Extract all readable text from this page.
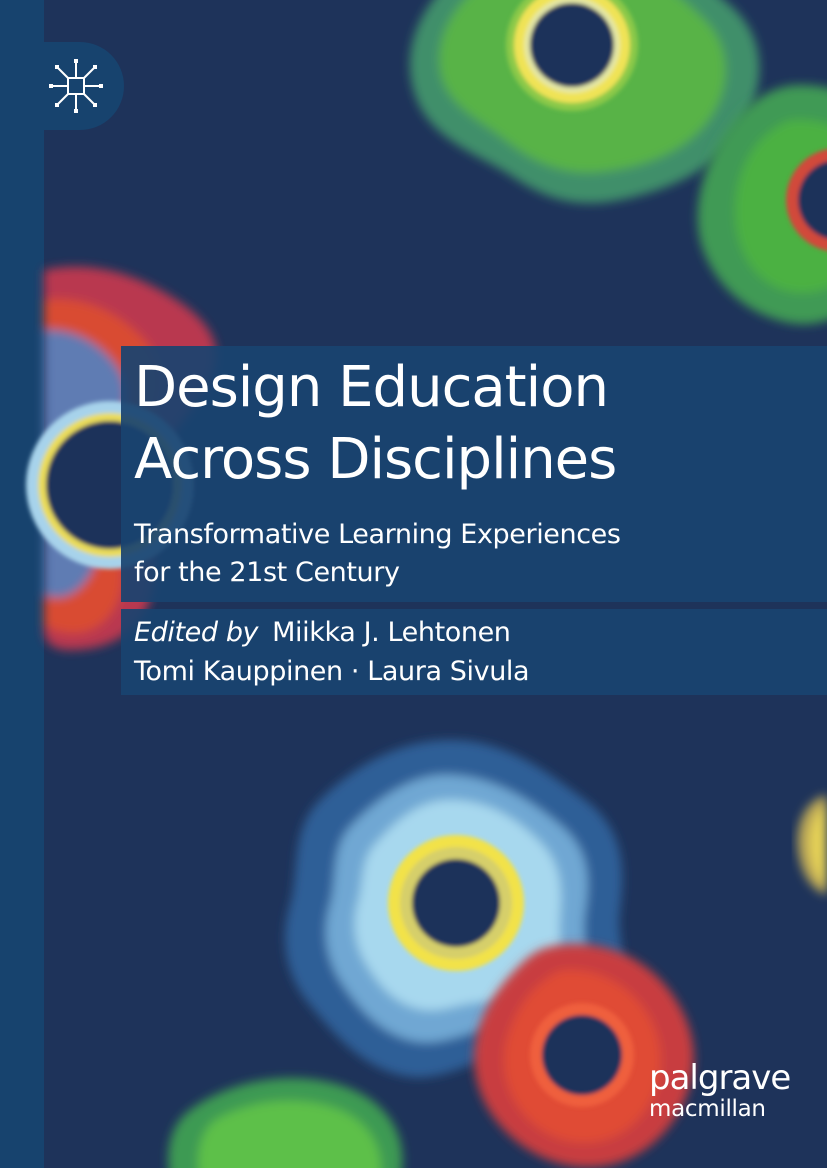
Design Education
Across Disciplines

Transformative Learning Experiences
for the 21st Century

Edited by Miikka J. Lehtonen
Tomi Kauppinen · Laura Sivula
palgrave
macmillan
